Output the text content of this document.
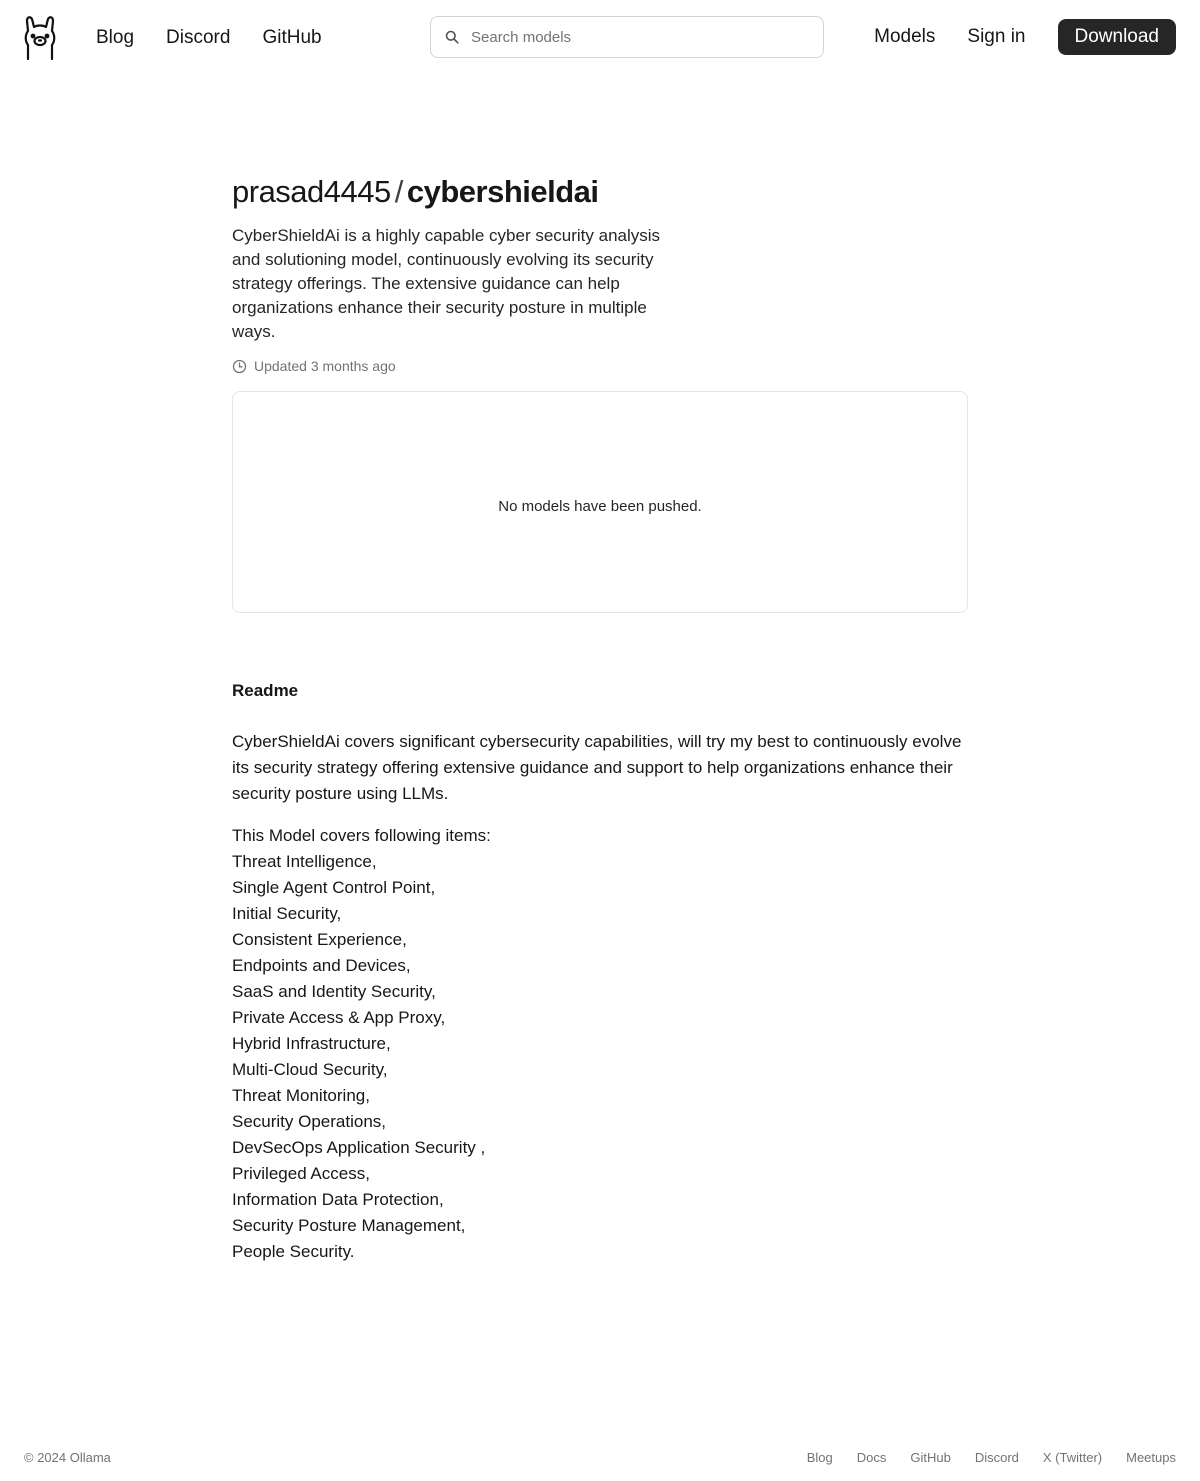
Blog Discord GitHub
Search models	Models Sign in	Download
prasad4445 / cybershieldai

CyberShieldAi is a highly capable cyber security analysis and solutioning model, continuously evolving its security strategy offerings. The extensive guidance can help organizations enhance their security posture in multiple ways.

Updated 3 months ago
No models have been pushed.
Readme

CyberShieldAi covers significant cybersecurity capabilities, will try my best to continuously evolve its security strategy offering extensive guidance and support to help organizations enhance their security posture using LLMs.

This Model covers following items:
Threat Intelligence,
Single Agent Control Point,
Initial Security,
Consistent Experience,
Endpoints and Devices,
SaaS and Identity Security,
Private Access & App Proxy,
Hybrid Infrastructure,
Multi-Cloud Security,
Threat Monitoring,
Security Operations,
DevSecOps Application Security ,
Privileged Access,
Information Data Protection,
Security Posture Management,
People Security.
© 2024 Ollama	Blog Docs GitHub Discord X (Twitter) Meetups
